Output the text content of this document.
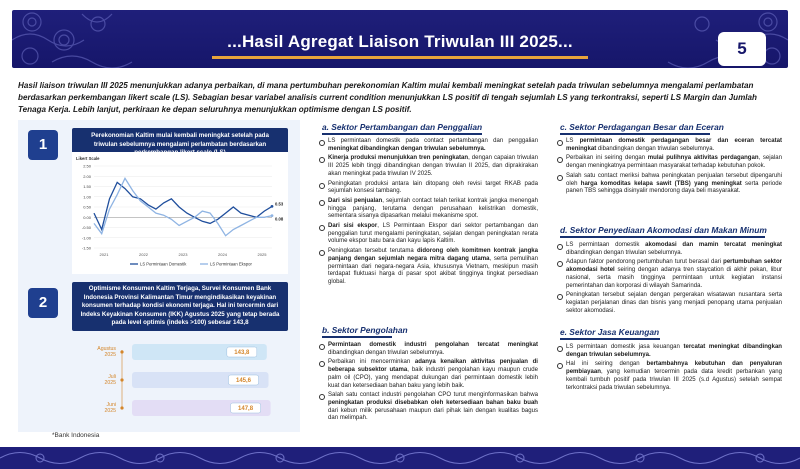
...Hasil Agregat Liaison Triwulan III 2025...	5
Hasil liaison triwulan III 2025 menunjukkan adanya perbaikan, di mana pertumbuhan perekonomian Kaltim mulai kembali meningkat setelah pada triwulan sebelumnya mengalami perlambatan berdasarkan perkembangan likert scale (LS). Sebagian besar variabel analisis current condition menunjukkan LS positif di tengah sejumlah LS yang terkontraksi, seperti LS Margin dan Jumlah Tenaga Kerja. Lebih lanjut, perkiraan ke depan seluruhnya menunjukkan optimisme dengan LS positif.
1
Perekonomian Kaltim mulai kembali meningkat setelah pada triwulan sebelumnya mengalami perlambatan berdasarkan
Likert Scale
2.50
2.00
1.50
1.00
0.50
0.00
-0.50
-1.00
-1.50
0.53
0.08
2021	2022	2023	2024	2025
LS Permintaan Domestik	LS Permintaan Ekspor
2
Optimisme Konsumen Kaltim Terjaga, Survei Konsumen Bank Indonesia Provinsi Kalimantan Timur mengindikasikan keyakinan konsumen terhadap kondisi ekonomi terjaga. Hal ini tercermin dari Indeks Keyakinan Konsumen (IKK) Agustus 2025 yang tetap berada pada level optimis (indeks >100) sebesar 143,8
Agustus
2025	143,8
Juli
2025	145,6
Juni
2025	147,8
*Bank Indonesia
a. Sektor Pertambangan dan Penggalian
LS permintaan domestik pada contact pertambangan dan penggalian meningkat dibandingkan dengan triwulan sebelumnya.
Kinerja produksi menunjukkan tren peningkatan, dengan capaian triwulan III 2025 lebih tinggi dibandingkan dengan triwulan II 2025, dan diprakirakan akan meningkat pada triwulan IV 2025.
Peningkatan produksi antara lain ditopang oleh revisi target RKAB pada sejumlah konsesi tambang.
Dari sisi penjualan, sejumlah contact telah terikat kontrak jangka menengah hingga panjang, terutama dengan perusahaan kelistrikan domestik, sementara sisanya dipasarkan melalui mekanisme spot.
Dari sisi ekspor, LS Permintaan Ekspor dari sektor pertambangan dan penggalian turut mengalami peningkatan, sejalan dengan peningkatan rerata volume ekspor batu bara dan kayu lapis Kaltim.
Peningkatan tersebut terutama didorong oleh komitmen kontrak jangka panjang dengan sejumlah negara mitra dagang utama, serta pemulihan permintaan dari negara-negara Asia, khususnya Vietnam, meskipun masih terdapat fluktuasi harga di pasar spot akibat tingginya tingkat persediaan global.
b. Sektor Pengolahan
Permintaan domestik industri pengolahan tercatat meningkat dibandingkan dengan triwulan sebelumnya.
Perbaikan ini mencerminkan adanya kenaikan aktivitas penjualan di beberapa subsektor utama, baik industri pengolahan kayu maupun crude palm oil (CPO), yang mendapat dukungan dari permintaan domestik lebih kuat dan ketersediaan bahan baku yang lebih baik.
Salah satu contact industri pengolahan CPO turut menginformasikan bahwa peningkatan produksi disebabkan oleh ketersediaan bahan baku buah dari kebun milik perusahaan maupun dari pihak lain dengan kualitas bagus dan melimpah.
c. Sektor Perdagangan Besar dan Eceran
LS permintaan domestik perdagangan besar dan eceran tercatat meningkat dibandingkan dengan triwulan sebelumnya.
Perbaikan ini seiring dengan mulai pulihnya aktivitas perdagangan, sejalan dengan meningkatnya permintaan masyarakat terhadap kebutuhan pokok.
Salah satu contact meriksi bahwa peningkatan penjualan tersebut dipengaruhi oleh harga komoditas kelapa sawit (TBS) yang meningkat serta periode panen TBS sehingga disinyalir mendorong daya beli masyarakat.
d. Sektor Penyediaan Akomodasi dan Makan Minum
LS permintaan domestik akomodasi dan mamin tercatat meningkat dibandingkan dengan triwulan sebelumnya.
Adapun faktor pendorong pertumbuhan turut berasal dari pertumbuhan sektor akomodasi hotel seiring dengan adanya tren staycation di akhir pekan, libur nasional, serta masih tingginya permintaan untuk kegiatan instansi pemerintahan dan korporasi di wilayah Samarinda.
Peningkatan tersebut sejalan dengan pergerakan wisatawan nusantara serta kegiatan perjalanan dinas dan bisnis yang menjadi penopang utama penjualan sektor akomodasi.
e. Sektor Jasa Keuangan
LS permintaan domestik jasa keuangan tercatat meningkat dibandingkan dengan triwulan sebelumnya.
Hal ini seiring dengan bertambahnya kebutuhan dan penyaluran pembiayaan, yang kemudian tercermin pada data kredit perbankan yang kembali tumbuh positif pada triwulan III 2025 (s.d Agustus) setelah sempat terkontraksi pada triwulan sebelumnya.
